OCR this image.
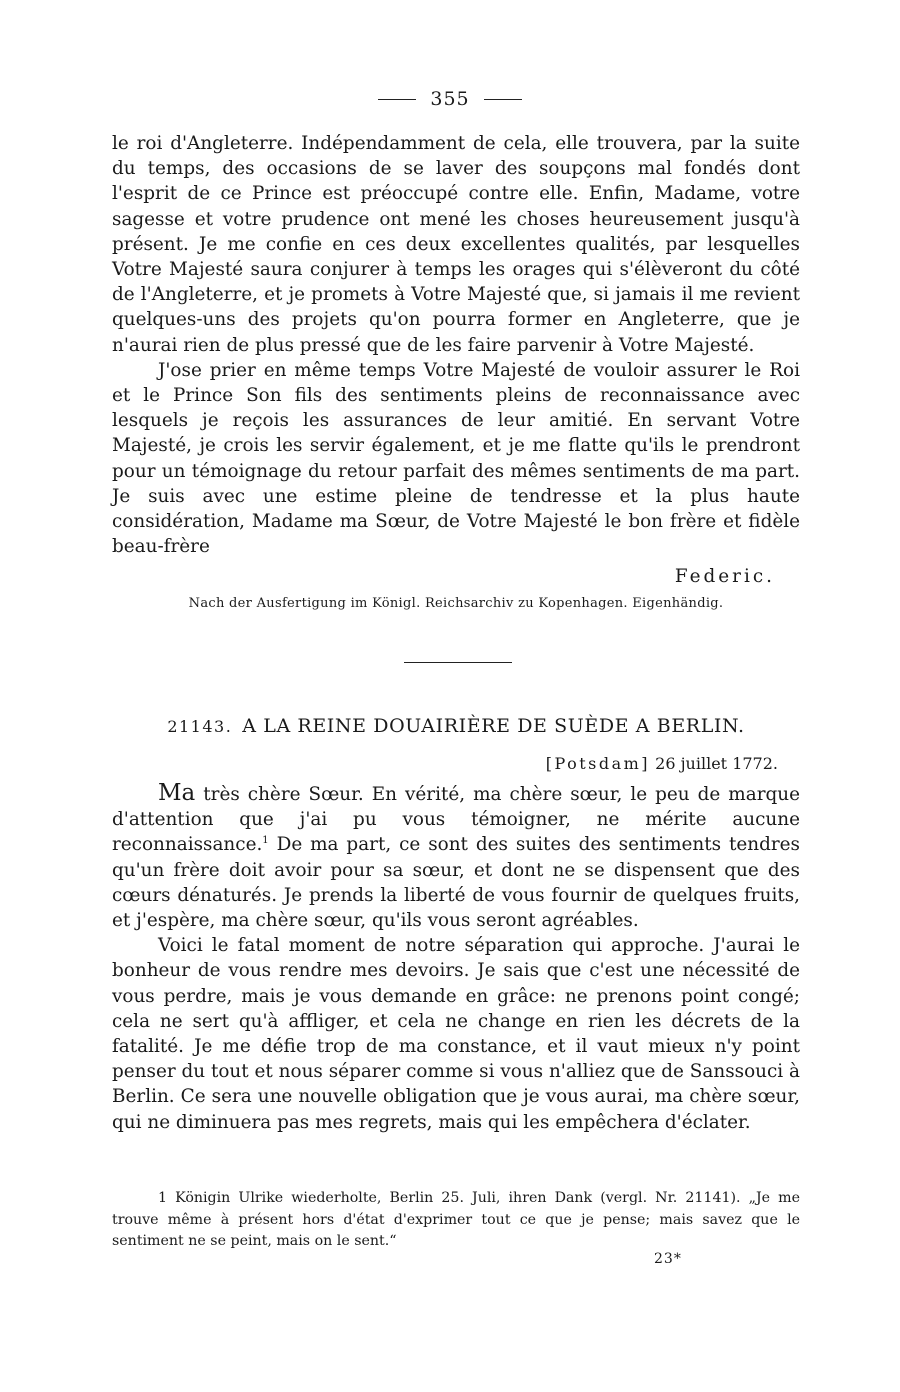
355

le roi d'Angleterre. Indépendamment de cela, elle trouvera, par la suite du temps, des occasions de se laver des soupçons mal fondés dont l'esprit de ce Prince est préoccupé contre elle. Enfin, Madame, votre sagesse et votre prudence ont mené les choses heureusement jusqu'à présent. Je me confie en ces deux excellentes qualités, par lesquelles Votre Majesté saura conjurer à temps les orages qui s'élèveront du côté de l'Angleterre, et je promets à Votre Majesté que, si jamais il me revient quelques-uns des projets qu'on pourra former en Angleterre, que je n'aurai rien de plus pressé que de les faire parvenir à Votre Majesté.

J'ose prier en même temps Votre Majesté de vouloir assurer le Roi et le Prince Son fils des sentiments pleins de reconnaissance avec lesquels je reçois les assurances de leur amitié. En servant Votre Majesté, je crois les servir également, et je me flatte qu'ils le prendront pour un témoignage du retour parfait des mêmes sentiments de ma part. Je suis avec une estime pleine de tendresse et la plus haute considération, Madame ma Sœur, de Votre Majesté le bon frère et fidèle beau-frère

Federic.
Nach der Ausfertigung im Königl. Reichsarchiv zu Kopenhagen. Eigenhändig.
21143. A LA REINE DOUAIRIÈRE DE SUÈDE A BERLIN.
[Potsdam] 26 juillet 1772.

Ma très chère Sœur. En vérité, ma chère sœur, le peu de marque d'attention que j'ai pu vous témoigner, ne mérite aucune reconnaissance.$^1$ De ma part, ce sont des suites des sentiments tendres qu'un frère doit avoir pour sa sœur, et dont ne se dispensent que des cœurs dénaturés. Je prends la liberté de vous fournir de quelques fruits, et j'espère, ma chère sœur, qu'ils vous seront agréables.

Voici le fatal moment de notre séparation qui approche. J'aurai le bonheur de vous rendre mes devoirs. Je sais que c'est une nécessité de vous perdre, mais je vous demande en grâce: ne prenons point congé; cela ne sert qu'à affliger, et cela ne change en rien les décrets de la fatalité. Je me défie trop de ma constance, et il vaut mieux n'y point penser du tout et nous séparer comme si vous n'alliez que de Sanssouci à Berlin. Ce sera une nouvelle obligation que je vous aurai, ma chère sœur, qui ne diminuera pas mes regrets, mais qui les empêchera d'éclater.

1 Königin Ulrike wiederholte, Berlin 25. Juli, ihren Dank (vergl. Nr. 21141). „Je me trouve même à présent hors d'état d'exprimer tout ce que je pense; mais savez que le sentiment ne se peint, mais on le sent.“

23*
